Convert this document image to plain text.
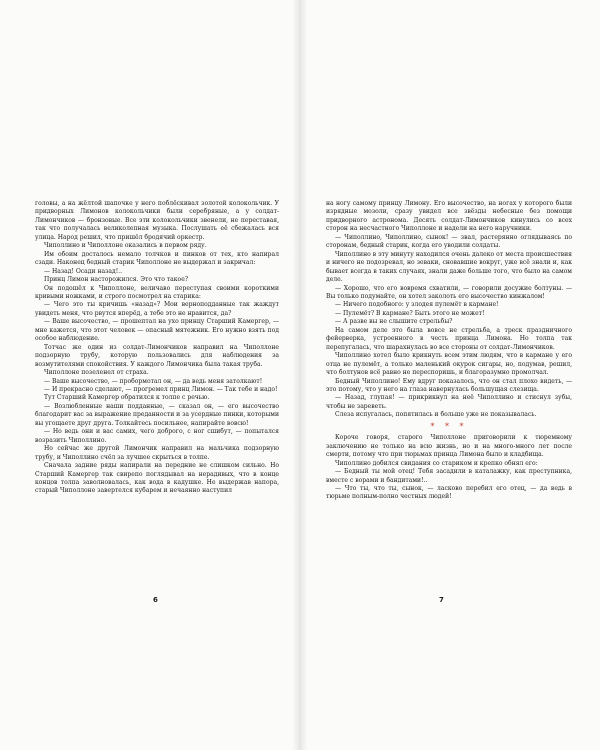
головы, а на жёлтой шапочке у него поблёскивал золотой колокольчик. У придворных Лимонов колокольчики были серебряные, а у солдат-Лимончиков — бронзовые. Все эти колокольчики звенели, не переставая, так что получалась великолепная музыка. Послушать её сбежалась вся улица. Народ решил, что пришёл бродячий оркестр.

Чиполлино и Чиполлоне оказались в первом ряду.

Им обоим досталось немало толчков и пинков от тех, кто напирал сзади. Наконец бедный старик Чиполлоне не выдержал и закричал:

— Назад! Осади назад!..

Принц Лимон насторожился. Это что такое?

Он подошёл к Чиполлоне, величаво переступая своими короткими кривыми ножками, и строго посмотрел на старика:

— Чего это ты кричишь «назад»? Мои верноподданные так жаждут увидеть меня, что рвутся вперёд, а тебе это не нравится, да?

— Ваше высочество, — прошептал на ухо принцу Старший Камергер, — мне кажется, что этот человек — опасный мятежник. Его нужно взять под особое наблюдение.

Тотчас же один из солдат-Лимончиков направил на Чиполлоне подзорную трубу, которую пользовались для наблюдения за возмутителями спокойствия. У каждого Лимончика была такая труба.

Чиполлоне позеленел от страха.

— Ваше высочество, — пробормотал он, — да ведь меня затолкают!

— И прекрасно сделают, — прогремел принц Лимон. — Так тебе и надо!

Тут Старший Камергер обратился к толпе с речью.

— Возлюбленные наши подданные, — сказал он, — его высочество благодарит вас за выражение преданности и за усердные пинки, которыми вы угощаете друг друга. Толкайтесь посильнее, напирайте вовсю!

— Но ведь они и вас самих, чего доброго, с ног сшибут, — попытался возразить Чиполлино.

Но сейчас же другой Лимончик направил на мальчика подзорную трубу, и Чиполлино счёл за лучшее скрыться в толпе.

Сначала задние ряды напирали на передние не слишком сильно. Но Старший Камергер так свирепо поглядывал на нерадивых, что в конце концов толпа заволновалась, как вода в кадушке. Не выдержав напора, старый Чиполлоне завертелся кубарем и нечаянно наступил

6

на ногу самому принцу Лимону. Его высочество, на ногах у которого были изрядные мозоли, сразу увидел все звёзды небесные без помощи придворного астронома. Десять солдат-Лимончиков кинулись со всех сторон на несчастного Чиполлоне и надели на него наручники.

— Чиполлино, Чиполлино, сынок! — звал, растерянно оглядываясь по сторонам, бедный старик, когда его уводили солдаты.

Чиполлино в эту минуту находился очень далеко от места происшествия и ничего не подозревал, но зеваки, сновавшие вокруг, уже всё знали и, как бывает всегда в таких случаях, знали даже больше того, что было на самом деле.

— Хорошо, что его вовремя схватили, — говорили досужие болтуны. — Вы только подумайте, он хотел заколоть его высочество кинжалом!

— Ничего подобного: у злодея пулемёт в кармане!

— Пулемёт? В кармане? Быть этого не может!

— А разве вы не слышите стрельбы?

На самом деле это была вовсе не стрельба, а треск праздничного фейерверка, устроенного в честь принца Лимона. Но толпа так перепугалась, что шарахнулась во все стороны от солдат-Лимончиков.

Чиполлино хотел было крикнуть всем этим людям, что в кармане у его отца не пулемёт, а только маленький окурок сигары, но, подумав, решил, что болтунов всё равно не переспоришь, и благоразумно промолчал.

Бедный Чиполлино! Ему вдруг показалось, что он стал плохо видеть, — это потому, что у него на глаза навернулась большущая слезища.

— Назад, глупая! — прикрикнул на неё Чиполлино и стиснул зубы, чтобы не зареветь.

Слеза испугалась, попятилась и больше уже не показывалась.

* * *

Короче говоря, старого Чиполлоне приговорили к тюремному заключению не только на всю жизнь, но и на много-много лет после смерти, потому что при тюрьмах принца Лимона было и кладбища.

Чиполлино добился свидания со стариком и крепко обнял его:

— Бедный ты мой отец! Тебя засадили в каталажку, как преступника, вместе с ворами и бандитами!..

— Что ты, что ты, сынок, — ласково перебил его отец, — да ведь в тюрьме полным-полно честных людей!

7
